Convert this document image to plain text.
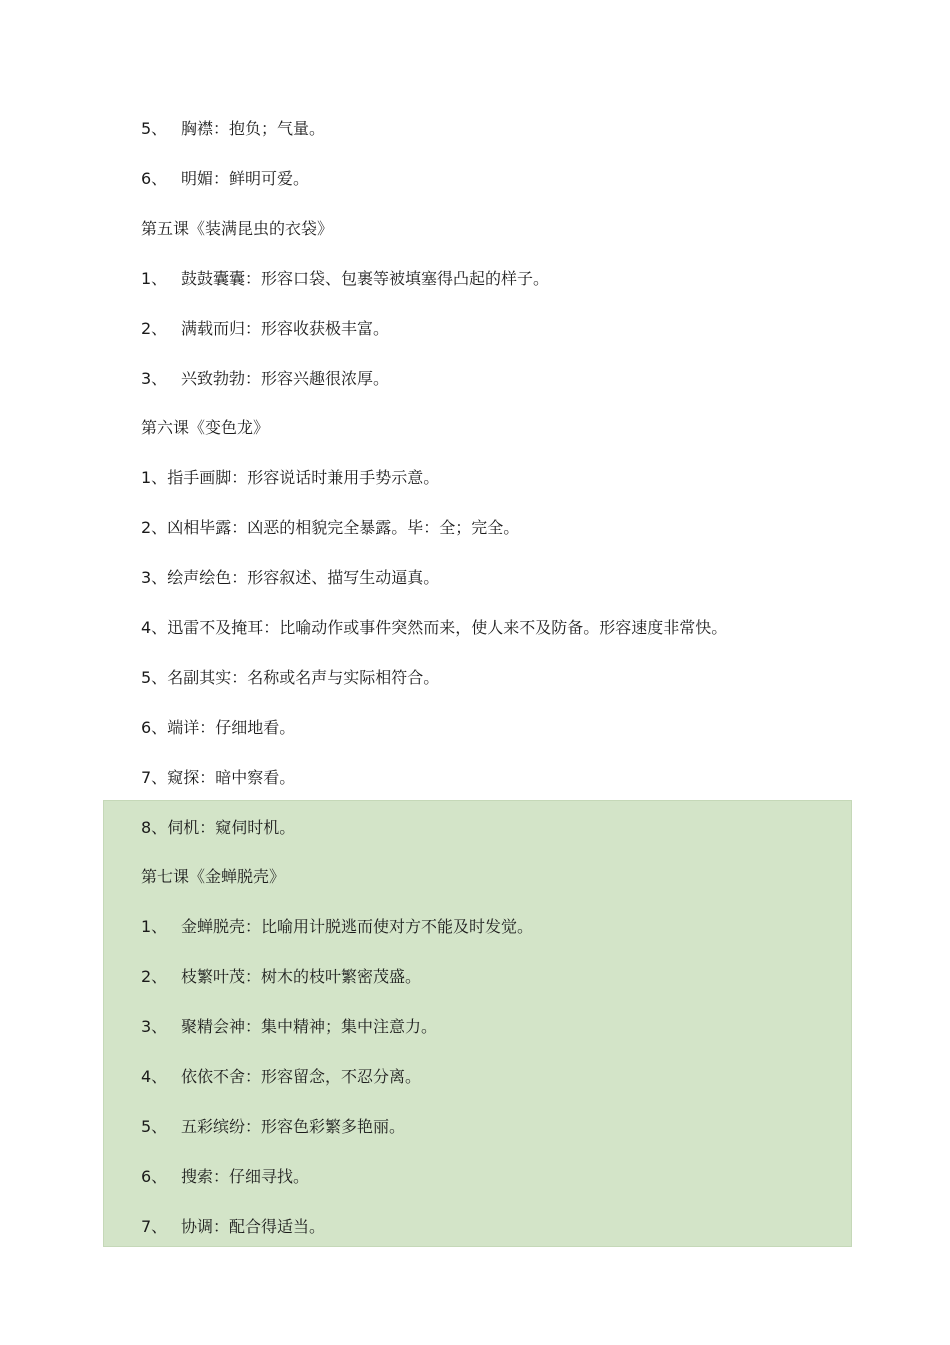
5、 胸襟：抱负；气量。
6、 明媚：鲜明可爱。
第五课《装满昆虫的衣袋》
1、 鼓鼓囊囊：形容口袋、包裹等被填塞得凸起的样子。
2、 满载而归：形容收获极丰富。
3、 兴致勃勃：形容兴趣很浓厚。
第六课《变色龙》
1、指手画脚：形容说话时兼用手势示意。
2、凶相毕露：凶恶的相貌完全暴露。毕：全；完全。
3、绘声绘色：形容叙述、描写生动逼真。
4、迅雷不及掩耳：比喻动作或事件突然而来，使人来不及防备。形容速度非常快。
5、名副其实：名称或名声与实际相符合。
6、端详：仔细地看。
7、窥探：暗中察看。
8、伺机：窥伺时机。
第七课《金蝉脱壳》
1、 金蝉脱壳：比喻用计脱逃而使对方不能及时发觉。
2、 枝繁叶茂：树木的枝叶繁密茂盛。
3、 聚精会神：集中精神；集中注意力。
4、 依依不舍：形容留念，不忍分离。
5、 五彩缤纷：形容色彩繁多艳丽。
6、 搜索：仔细寻找。
7、 协调：配合得适当。
